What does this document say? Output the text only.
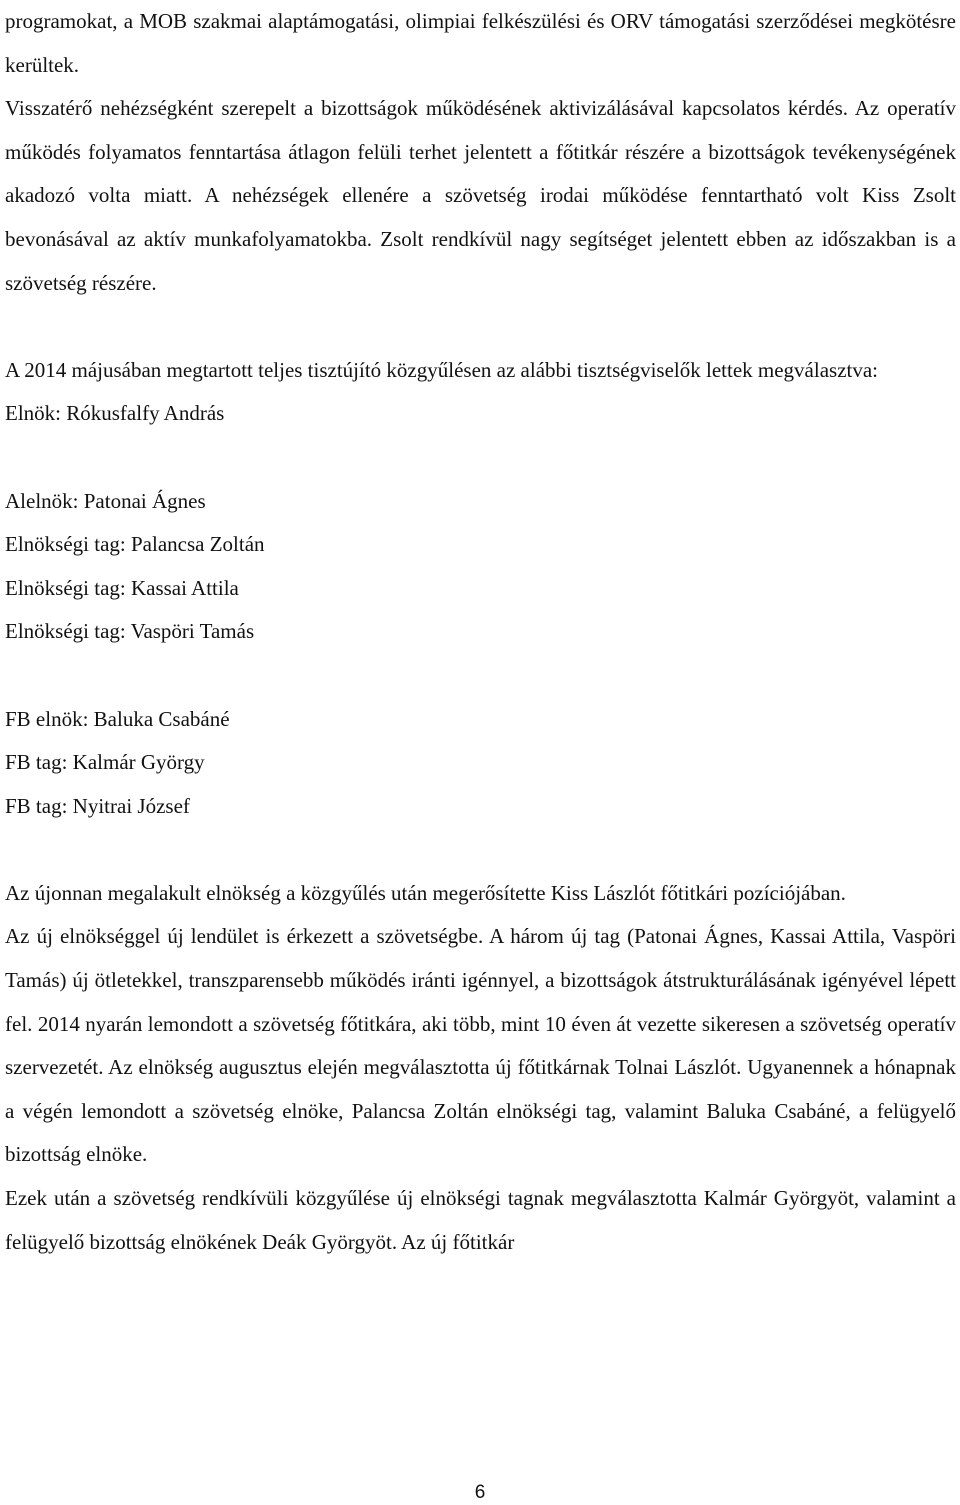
programokat, a MOB szakmai alaptámogatási, olimpiai felkészülési és ORV támogatási szerződései megkötésre kerültek.

Visszatérő nehézségként szerepelt a bizottságok működésének aktivizálásával kapcsolatos kérdés. Az operatív működés folyamatos fenntartása átlagon felüli terhet jelentett a főtitkár részére a bizottságok tevékenységének akadozó volta miatt. A nehézségek ellenére a szövetség irodai működése fenntartható volt Kiss Zsolt bevonásával az aktív munkafolyamatokba. Zsolt rendkívül nagy segítséget jelentett ebben az időszakban is a szövetség részére.

A 2014 májusában megtartott teljes tisztújító közgyűlésen az alábbi tisztségviselők lettek megválasztva:

Elnök: Rókusfalfy András

Alelnök: Patonai Ágnes

Elnökségi tag: Palancsa Zoltán

Elnökségi tag: Kassai Attila

Elnökségi tag: Vaspöri Tamás

FB elnök: Baluka Csabáné

FB tag: Kalmár György

FB tag: Nyitrai József

Az újonnan megalakult elnökség a közgyűlés után megerősítette Kiss Lászlót főtitkári pozíciójában.

Az új elnökséggel új lendület is érkezett a szövetségbe. A három új tag (Patonai Ágnes, Kassai Attila, Vaspöri Tamás) új ötletekkel, transzparensebb működés iránti igénnyel, a bizottságok átstrukturálásának igényével lépett fel. 2014 nyarán lemondott a szövetség főtitkára, aki több, mint 10 éven át vezette sikeresen a szövetség operatív szervezetét. Az elnökség augusztus elején megválasztotta új főtitkárnak Tolnai Lászlót. Ugyanennek a hónapnak a végén lemondott a szövetség elnöke, Palancsa Zoltán elnökségi tag, valamint Baluka Csabáné, a felügyelő bizottság elnöke.

Ezek után a szövetség rendkívüli közgyűlése új elnökségi tagnak megválasztotta Kalmár Györgyöt, valamint a felügyelő bizottság elnökének Deák Györgyöt. Az új főtitkár

6
